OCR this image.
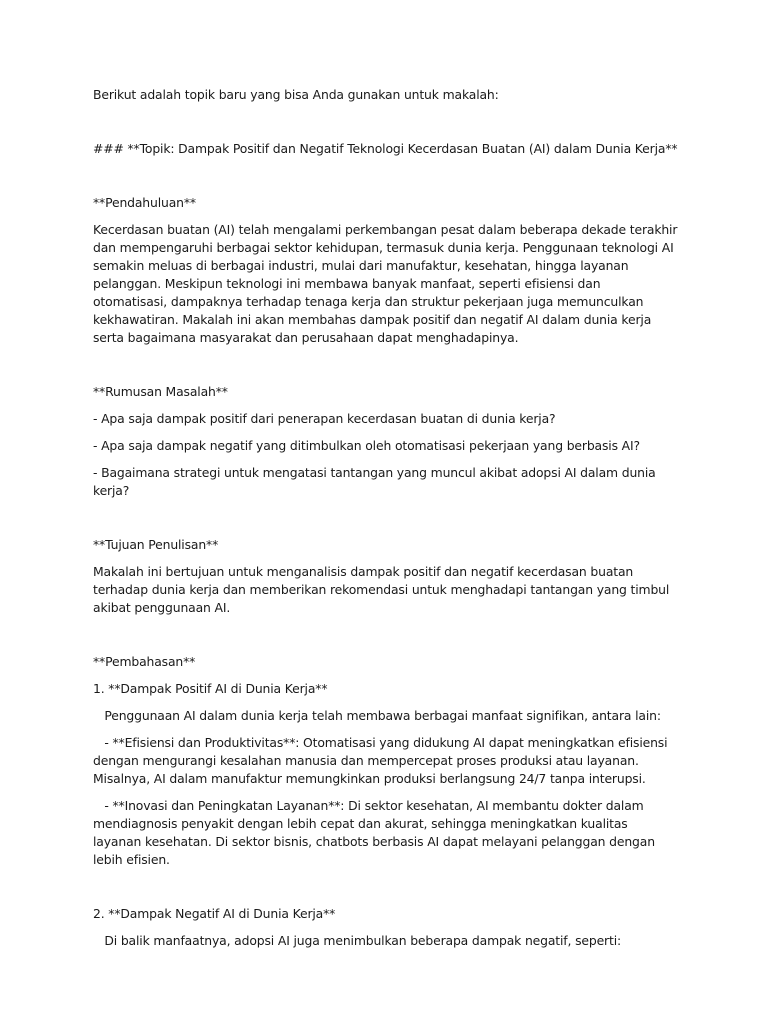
Berikut adalah topik baru yang bisa Anda gunakan untuk makalah:

### **Topik: Dampak Positif dan Negatif Teknologi Kecerdasan Buatan (AI) dalam Dunia Kerja**

**Pendahuluan**

Kecerdasan buatan (AI) telah mengalami perkembangan pesat dalam beberapa dekade terakhir dan mempengaruhi berbagai sektor kehidupan, termasuk dunia kerja. Penggunaan teknologi AI semakin meluas di berbagai industri, mulai dari manufaktur, kesehatan, hingga layanan pelanggan. Meskipun teknologi ini membawa banyak manfaat, seperti efisiensi dan otomatisasi, dampaknya terhadap tenaga kerja dan struktur pekerjaan juga memunculkan kekhawatiran. Makalah ini akan membahas dampak positif dan negatif AI dalam dunia kerja serta bagaimana masyarakat dan perusahaan dapat menghadapinya.

**Rumusan Masalah**

- Apa saja dampak positif dari penerapan kecerdasan buatan di dunia kerja?

- Apa saja dampak negatif yang ditimbulkan oleh otomatisasi pekerjaan yang berbasis AI?

- Bagaimana strategi untuk mengatasi tantangan yang muncul akibat adopsi AI dalam dunia kerja?

**Tujuan Penulisan**

Makalah ini bertujuan untuk menganalisis dampak positif dan negatif kecerdasan buatan terhadap dunia kerja dan memberikan rekomendasi untuk menghadapi tantangan yang timbul akibat penggunaan AI.

**Pembahasan**

1. **Dampak Positif AI di Dunia Kerja**

Penggunaan AI dalam dunia kerja telah membawa berbagai manfaat signifikan, antara lain:

- **Efisiensi dan Produktivitas**: Otomatisasi yang didukung AI dapat meningkatkan efisiensi dengan mengurangi kesalahan manusia dan mempercepat proses produksi atau layanan. Misalnya, AI dalam manufaktur memungkinkan produksi berlangsung 24/7 tanpa interupsi.

- **Inovasi dan Peningkatan Layanan**: Di sektor kesehatan, AI membantu dokter dalam mendiagnosis penyakit dengan lebih cepat dan akurat, sehingga meningkatkan kualitas layanan kesehatan. Di sektor bisnis, chatbots berbasis AI dapat melayani pelanggan dengan lebih efisien.

2. **Dampak Negatif AI di Dunia Kerja**

Di balik manfaatnya, adopsi AI juga menimbulkan beberapa dampak negatif, seperti:
